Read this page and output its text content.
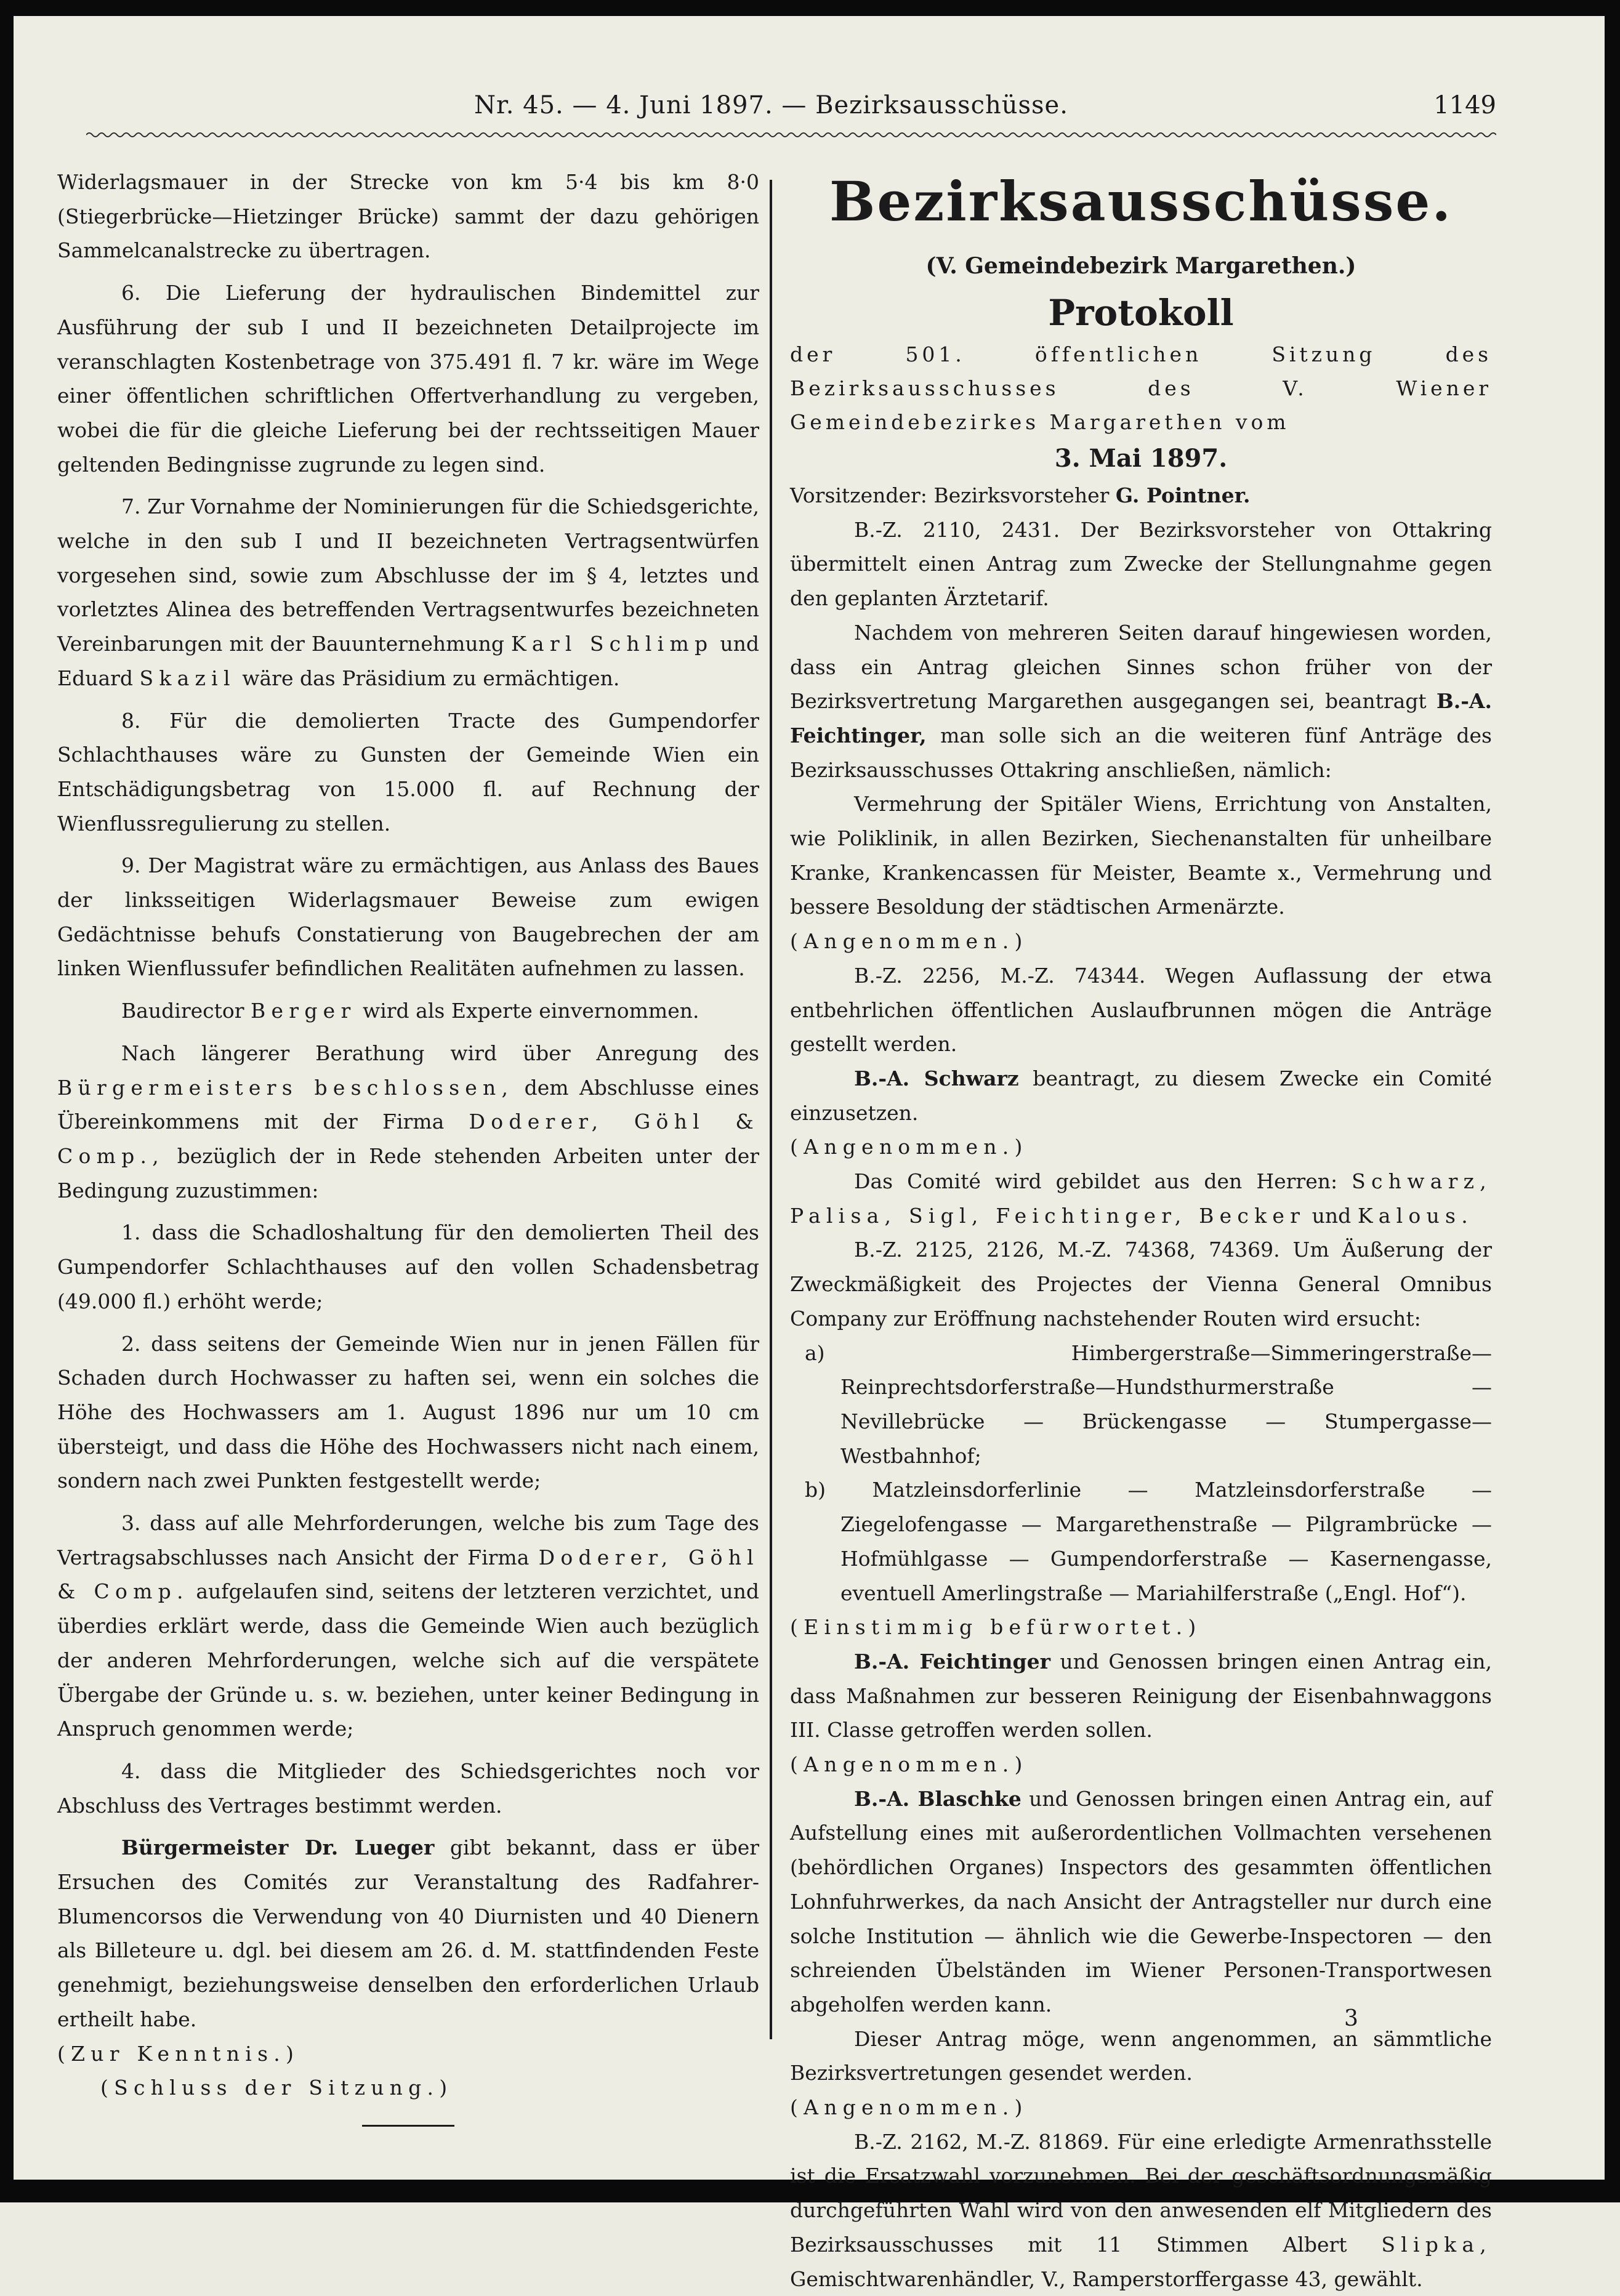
Nr. 45. — 4. Juni 1897. — Bezirksausschüsse.	1149

Widerlagsmauer in der Strecke von km 5·4 bis km 8·0 (Stiegerbrücke—Hietzinger Brücke) sammt der dazu gehörigen Sammelcanalstrecke zu übertragen.

6. Die Lieferung der hydraulischen Bindemittel zur Ausführung der sub I und II bezeichneten Detailprojecte im veranschlagten Kostenbetrage von 375.491 fl. 7 kr. wäre im Wege einer öffentlichen schriftlichen Offertverhandlung zu vergeben, wobei die für die gleiche Lieferung bei der rechtsseitigen Mauer geltenden Bedingnisse zugrunde zu legen sind.

7. Zur Vornahme der Nominierungen für die Schiedsgerichte, welche in den sub I und II bezeichneten Vertragsentwürfen vorgesehen sind, sowie zum Abschlusse der im § 4, letztes und vorletztes Alinea des betreffenden Vertragsentwurfes bezeichneten Vereinbarungen mit der Bauunternehmung Karl Schlimp und Eduard Skazil wäre das Präsidium zu ermächtigen.

8. Für die demolierten Tracte des Gumpendorfer Schlachthauses wäre zu Gunsten der Gemeinde Wien ein Entschädigungsbetrag von 15.000 fl. auf Rechnung der Wienflussregulierung zu stellen.

9. Der Magistrat wäre zu ermächtigen, aus Anlass des Baues der linksseitigen Widerlagsmauer Beweise zum ewigen Gedächtnisse behufs Constatierung von Baugebrechen der am linken Wienflussufer befindlichen Realitäten aufnehmen zu lassen.

Baudirector Berger wird als Experte einvernommen.

Nach längerer Berathung wird über Anregung des Bürgermeisters beschlossen, dem Abschlusse eines Übereinkommens mit der Firma Doderer, Göhl & Comp., bezüglich der in Rede stehenden Arbeiten unter der Bedingung zuzustimmen:

1. dass die Schadloshaltung für den demolierten Theil des Gumpendorfer Schlachthauses auf den vollen Schadensbetrag (49.000 fl.) erhöht werde;

2. dass seitens der Gemeinde Wien nur in jenen Fällen für Schaden durch Hochwasser zu haften sei, wenn ein solches die Höhe des Hochwassers am 1. August 1896 nur um 10 cm übersteigt, und dass die Höhe des Hochwassers nicht nach einem, sondern nach zwei Punkten festgestellt werde;

3. dass auf alle Mehrforderungen, welche bis zum Tage des Vertragsabschlusses nach Ansicht der Firma Doderer, Göhl & Comp. aufgelaufen sind, seitens der letzteren verzichtet, und überdies erklärt werde, dass die Gemeinde Wien auch bezüglich der anderen Mehrforderungen, welche sich auf die verspätete Übergabe der Gründe u. s. w. beziehen, unter keiner Bedingung in Anspruch genommen werde;

4. dass die Mitglieder des Schiedsgerichtes noch vor Abschluss des Vertrages bestimmt werden.

Bürgermeister Dr. Lueger gibt bekannt, dass er über Ersuchen des Comités zur Veranstaltung des Radfahrer-Blumencorsos die Verwendung von 40 Diurnisten und 40 Dienern als Billeteure u. dgl. bei diesem am 26. d. M. stattfindenden Feste genehmigt, beziehungsweise denselben den erforderlichen Urlaub ertheilt habe.

(Zur Kenntnis.)

(Schluss der Sitzung.)

Bezirksausschüsse.
(V. Gemeindebezirk Margarethen.)
Protokoll

der 501. öffentlichen Sitzung des Bezirksausschusses des V. Wiener Gemeindebezirkes Margarethen vom

3. Mai 1897.

Vorsitzender: Bezirksvorsteher G. Pointner.

B.-Z. 2110, 2431. Der Bezirksvorsteher von Ottakring übermittelt einen Antrag zum Zwecke der Stellungnahme gegen den geplanten Ärztetarif.

Nachdem von mehreren Seiten darauf hingewiesen worden, dass ein Antrag gleichen Sinnes schon früher von der Bezirksvertretung Margarethen ausgegangen sei, beantragt B.-A. Feichtinger, man solle sich an die weiteren fünf Anträge des Bezirksausschusses Ottakring anschließen, nämlich:

Vermehrung der Spitäler Wiens, Errichtung von Anstalten, wie Poliklinik, in allen Bezirken, Siechenanstalten für unheilbare Kranke, Krankencassen für Meister, Beamte x., Vermehrung und bessere Besoldung der städtischen Armenärzte.

(Angenommen.)

B.-Z. 2256, M.-Z. 74344. Wegen Auflassung der etwa entbehrlichen öffentlichen Auslaufbrunnen mögen die Anträge gestellt werden.

B.-A. Schwarz beantragt, zu diesem Zwecke ein Comité einzusetzen.

(Angenommen.)

Das Comité wird gebildet aus den Herren: Schwarz, Palisa, Sigl, Feichtinger, Becker und Kalous.

B.-Z. 2125, 2126, M.-Z. 74368, 74369. Um Äußerung der Zweckmäßigkeit des Projectes der Vienna General Omnibus Company zur Eröffnung nachstehender Routen wird ersucht:

a) Himbergerstraße—Simmeringerstraße—Reinprechtsdorferstraße—Hundsthurmerstraße — Nevillebrücke — Brückengasse — Stumpergasse—Westbahnhof;

b) Matzleinsdorferlinie — Matzleinsdorferstraße — Ziegelofengasse — Margarethenstraße — Pilgrambrücke — Hofmühlgasse — Gumpendorferstraße — Kasernengasse, eventuell Amerlingstraße — Mariahilferstraße („Engl. Hof“).

(Einstimmig befürwortet.)

B.-A. Feichtinger und Genossen bringen einen Antrag ein, dass Maßnahmen zur besseren Reinigung der Eisenbahnwaggons III. Classe getroffen werden sollen.

(Angenommen.)

B.-A. Blaschke und Genossen bringen einen Antrag ein, auf Aufstellung eines mit außerordentlichen Vollmachten versehenen (behördlichen Organes) Inspectors des gesammten öffentlichen Lohnfuhrwerkes, da nach Ansicht der Antragsteller nur durch eine solche Institution — ähnlich wie die Gewerbe-Inspectoren — den schreienden Übelständen im Wiener Personen-Transportwesen abgeholfen werden kann.

Dieser Antrag möge, wenn angenommen, an sämmtliche Bezirksvertretungen gesendet werden.

(Angenommen.)

B.-Z. 2162, M.-Z. 81869. Für eine erledigte Armenrathsstelle ist die Ersatzwahl vorzunehmen. Bei der geschäftsordnungsmäßig durchgeführten Wahl wird von den anwesenden elf Mitgliedern des Bezirksausschusses mit 11 Stimmen Albert Slipka, Gemischtwarenhändler, V., Ramperstorffergasse 43, gewählt.

3
